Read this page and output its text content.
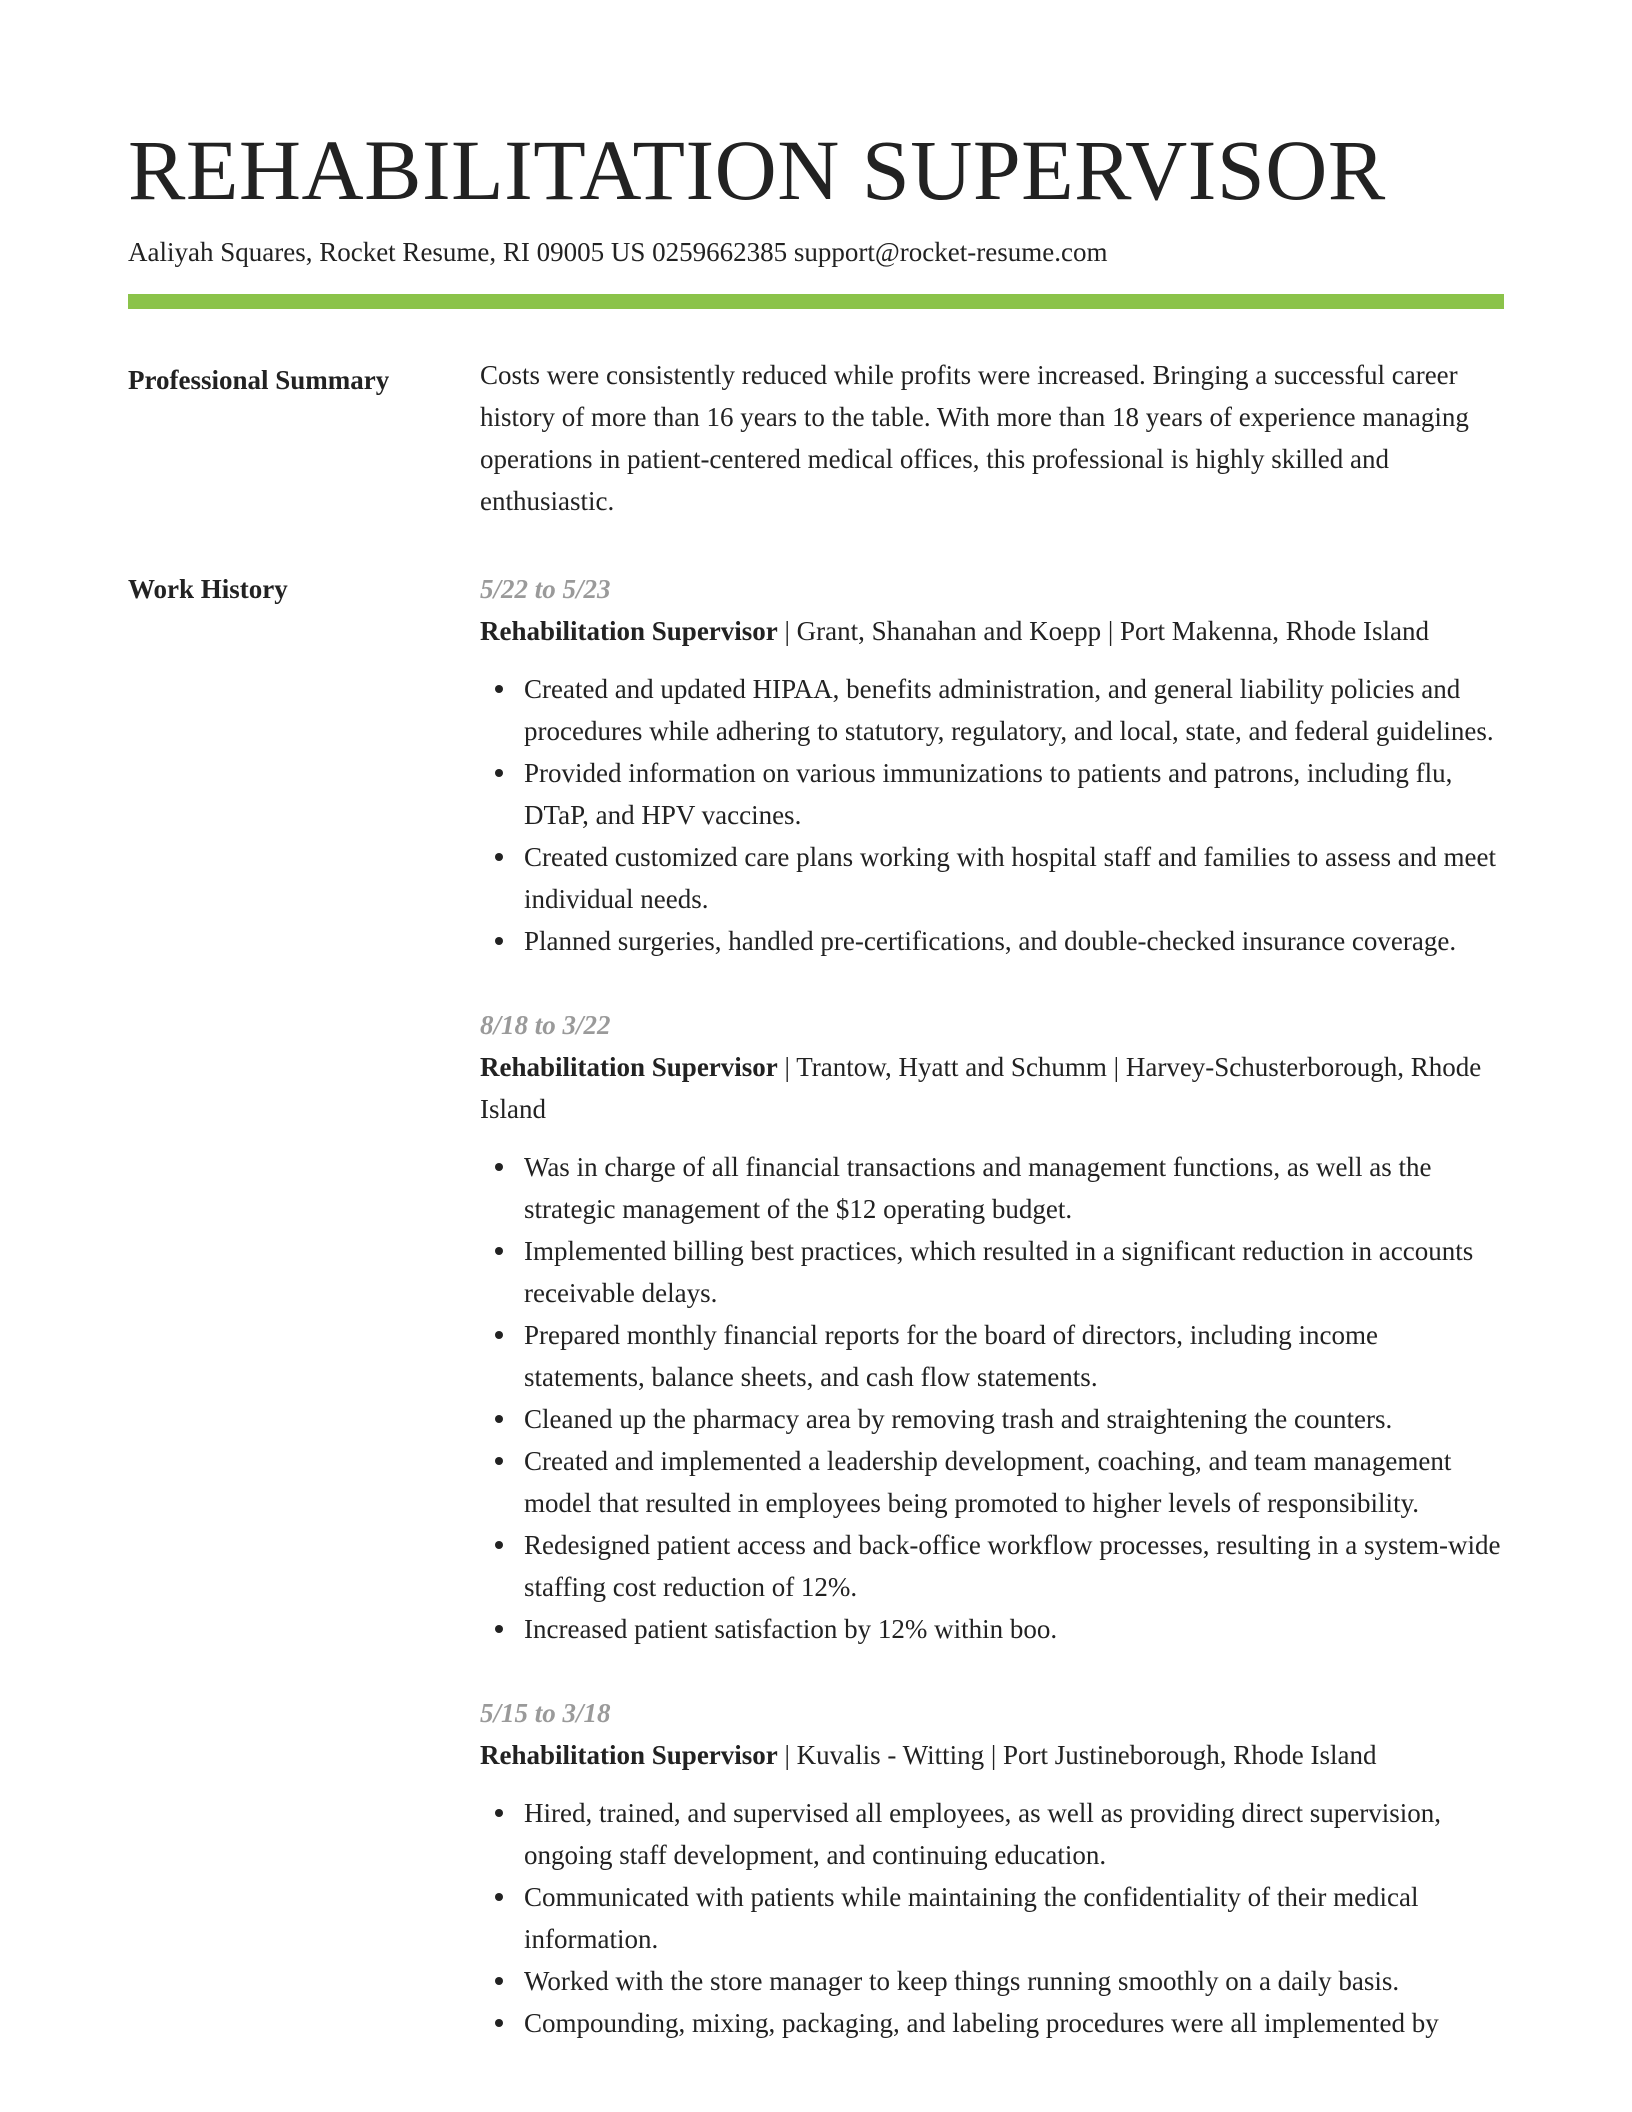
REHABILITATION SUPERVISOR
Aaliyah Squares, Rocket Resume, RI 09005 US 0259662385 support@rocket-resume.com
Professional Summary	Costs were consistently reduced while profits were increased. Bringing a successful career history of more than 16 years to the table. With more than 18 years of experience managing operations in patient-centered medical offices, this professional is highly skilled and enthusiastic.

Work History	5/22 to 5/23
Rehabilitation Supervisor | Grant, Shanahan and Koepp | Port Makenna, Rhode Island
Created and updated HIPAA, benefits administration, and general liability policies and procedures while adhering to statutory, regulatory, and local, state, and federal guidelines.
Provided information on various immunizations to patients and patrons, including flu, DTaP, and HPV vaccines.
Created customized care plans working with hospital staff and families to assess and meet individual needs.
Planned surgeries, handled pre-certifications, and double-checked insurance coverage.
8/18 to 3/22
Rehabilitation Supervisor | Trantow, Hyatt and Schumm | Harvey-Schusterborough, Rhode Island
Was in charge of all financial transactions and management functions, as well as the strategic management of the $12 operating budget.
Implemented billing best practices, which resulted in a significant reduction in accounts receivable delays.
Prepared monthly financial reports for the board of directors, including income statements, balance sheets, and cash flow statements.
Cleaned up the pharmacy area by removing trash and straightening the counters.
Created and implemented a leadership development, coaching, and team management model that resulted in employees being promoted to higher levels of responsibility.
Redesigned patient access and back-office workflow processes, resulting in a system-wide staffing cost reduction of 12%.
Increased patient satisfaction by 12% within boo.
5/15 to 3/18
Rehabilitation Supervisor | Kuvalis - Witting | Port Justineborough, Rhode Island
Hired, trained, and supervised all employees, as well as providing direct supervision, ongoing staff development, and continuing education.
Communicated with patients while maintaining the confidentiality of their medical information.
Worked with the store manager to keep things running smoothly on a daily basis.
Compounding, mixing, packaging, and labeling procedures were all implemented by
